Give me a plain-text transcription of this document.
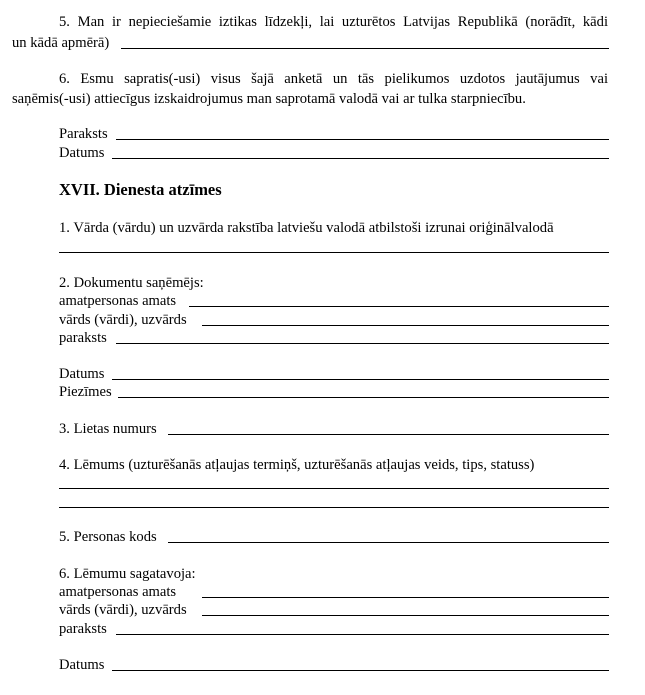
5. Man ir nepieciešamie iztikas līdzekļi, lai uzturētos Latvijas Republikā (norādīt, kādi
un kādā apmērā)
6. Esmu sapratis(-usi) visus šajā anketā un tās pielikumos uzdotos jautājumus vai
saņēmis(-usi) attiecīgus izskaidrojumus man saprotamā valodā vai ar tulka starpniecību.
Paraksts
Datums
XVII. Dienesta atzīmes
1. Vārda (vārdu) un uzvārda rakstība latviešu valodā atbilstoši izrunai oriģinālvalodā
2. Dokumentu saņēmējs:
amatpersonas amats
vārds (vārdi), uzvārds
paraksts
Datums
Piezīmes
3. Lietas numurs
4. Lēmums (uzturēšanās atļaujas termiņš, uzturēšanās atļaujas veids, tips, statuss)
5. Personas kods
6. Lēmumu sagatavoja:
amatpersonas amats
vārds (vārdi), uzvārds
paraksts
Datums
